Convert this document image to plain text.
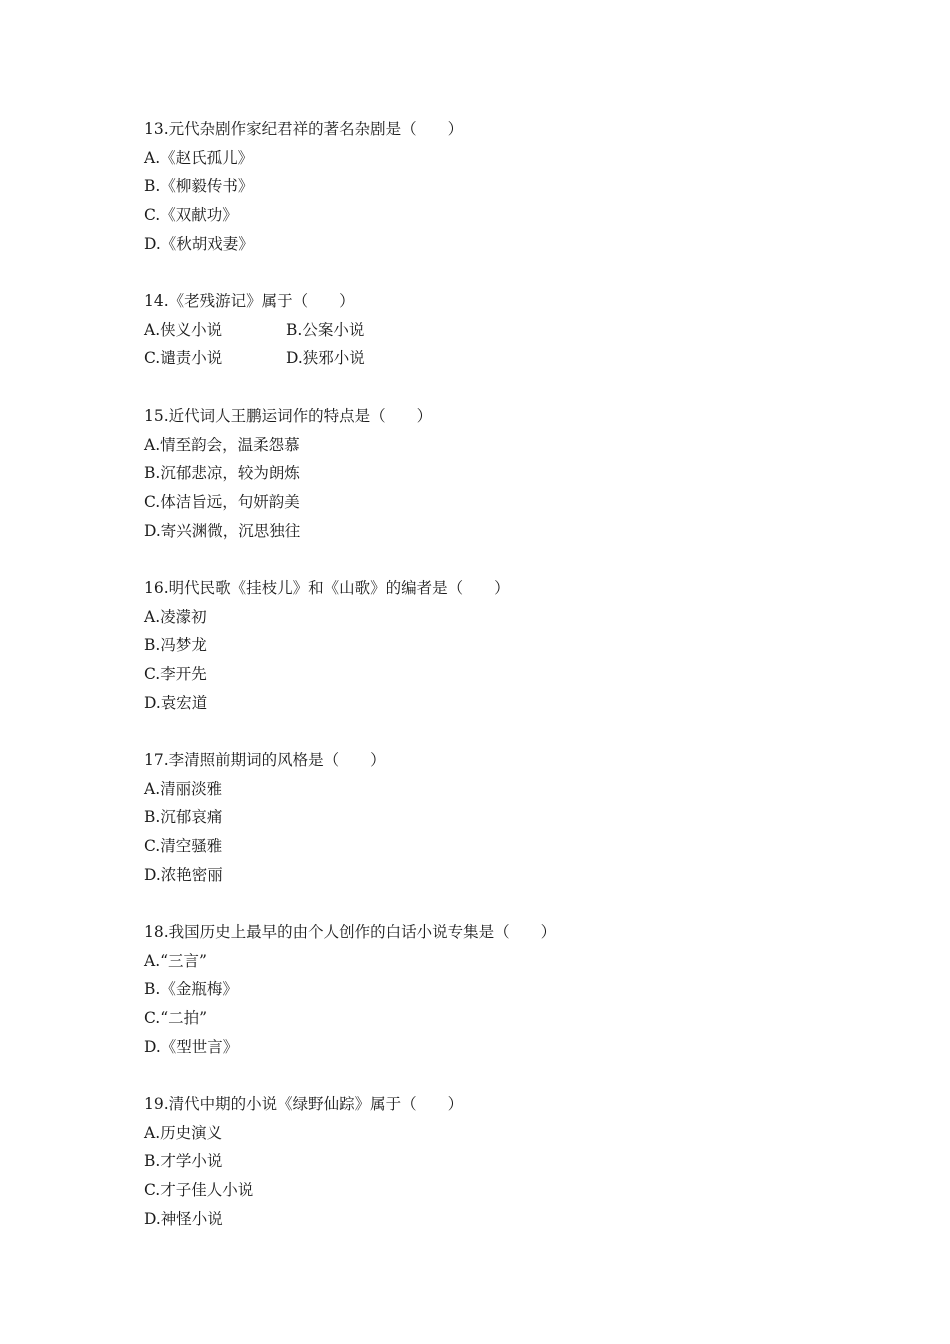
13.元代杂剧作家纪君祥的著名杂剧是（　　）
A.《赵氏孤儿》
B.《柳毅传书》
C.《双献功》
D.《秋胡戏妻》
14.《老残游记》属于（　　）
A.侠义小说	B.公案小说
C.谴责小说	D.狭邪小说
15.近代词人王鹏运词作的特点是（　　）
A.情至韵会，温柔怨慕
B.沉郁悲凉，较为朗炼
C.体洁旨远，句妍韵美
D.寄兴渊微，沉思独往
16.明代民歌《挂枝儿》和《山歌》的编者是（　　）
A.凌濛初
B.冯梦龙
C.李开先
D.袁宏道
17.李清照前期词的风格是（　　）
A.清丽淡雅
B.沉郁哀痛
C.清空骚雅
D.浓艳密丽
18.我国历史上最早的由个人创作的白话小说专集是（　　）
A.“三言”
B.《金瓶梅》
C.“二拍”
D.《型世言》
19.清代中期的小说《绿野仙踪》属于（　　）
A.历史演义
B.才学小说
C.才子佳人小说
D.神怪小说
